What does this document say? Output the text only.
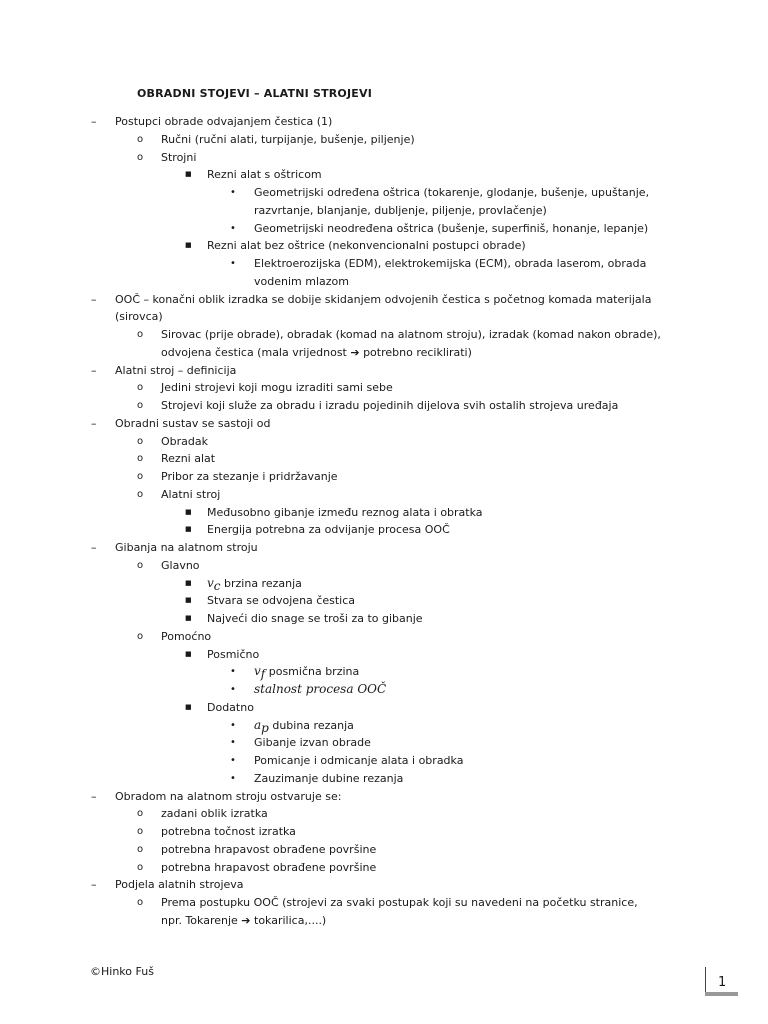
OBRADNI STOJEVI – ALATNI STROJEVI
– Postupci obrade odvajanjem čestica (1)
o Ručni (ručni alati, turpijanje, bušenje, piljenje)
o Strojni
■ Rezni alat s oštricom
• Geometrijski određena oštrica (tokarenje, glodanje, bušenje, upuštanje,
razvrtanje, blanjanje, dubljenje, piljenje, provlačenje)
• Geometrijski neodređena oštrica (bušenje, superfiniš, honanje, lepanje)
■ Rezni alat bez oštrice (nekonvencionalni postupci obrade)
• Elektroerozijska (EDM), elektrokemijska (ECM), obrada laserom, obrada
vodenim mlazom
– OOČ – konačni oblik izradka se dobije skidanjem odvojenih čestica s početnog komada materijala
(sirovca)
o Sirovac (prije obrade), obradak (komad na alatnom stroju), izradak (komad nakon obrade),
odvojena čestica (mala vrijednost ➔ potrebno reciklirati)
– Alatni stroj – definicija
o Jedini strojevi koji mogu izraditi sami sebe
o Strojevi koji služe za obradu i izradu pojedinih dijelova svih ostalih strojeva uređaja
– Obradni sustav se sastoji od
o Obradak
o Rezni alat
o Pribor za stezanje i pridržavanje
o Alatni stroj
■ Međusobno gibanje između reznog alata i obratka
■ Energija potrebna za odvijanje procesa OOČ
– Gibanja na alatnom stroju
o Glavno
■ $v_c$ brzina rezanja
■ Stvara se odvojena čestica
■ Najveći dio snage se troši za to gibanje
o Pomoćno
■ Posmično
• $v_f$ posmična brzina
• stalnost procesa OOČ
■ Dodatno
• $a_p$ dubina rezanja
• Gibanje izvan obrade
• Pomicanje i odmicanje alata i obradka
• Zauzimanje dubine rezanja
– Obradom na alatnom stroju ostvaruje se:
o zadani oblik izratka
o potrebna točnost izratka
o potrebna hrapavost obrađene površine
o potrebna hrapavost obrađene površine
– Podjela alatnih strojeva
o Prema postupku OOČ (strojevi za svaki postupak koji su navedeni na početku stranice,
npr. Tokarenje ➔ tokarilica,....)
©Hinko Fuš
1
